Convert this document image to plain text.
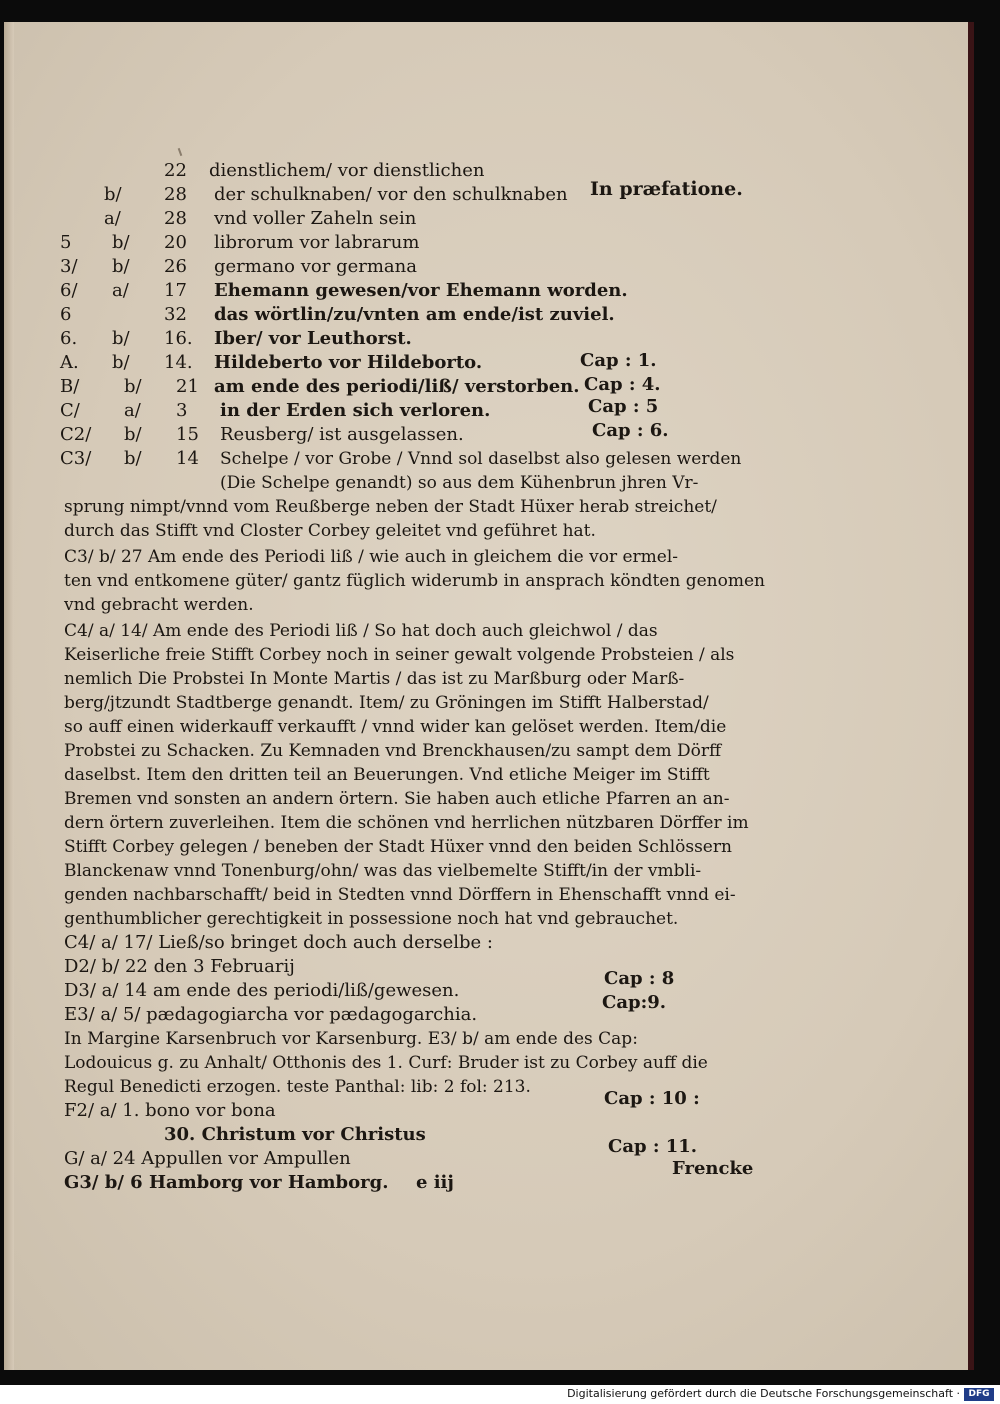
22 dienstlichem/ vor dienstlichen
b/ 28 der schulknaben/ vor den schulknaben In præfatione.
a/ 28 vnd voller Zaheln sein
5 b/ 20 librorum vor labrarum
3/ b/ 26 germano vor germana
6/ a/ 17 Ehemann gewesen/vor Ehemann worden.
6	32 das wörtlin/zu/vnten am ende/ist zuviel.
6. b/ 16. Iber/ vor Leuthorst.
A. b/ 14. Hildeberto vor Hildeborto.	Cap : 1.
B/ b/ 21 am ende des periodi/liß/ verstorben. Cap : 4.
C/ a/ 3 in der Erden sich verloren.	Cap : 5
C2/ b/ 15 Reusberg/ ist ausgelassen.	Cap : 6.
C3/ b/ 14 Schelpe / vor Grobe / Vnnd sol daselbst also gelesen werden
(Die Schelpe genandt) so aus dem Kühenbrun jhren Vr-
sprung nimpt/vnnd vom Reußberge neben der Stadt Hüxer herab streichet/
durch das Stifft vnd Closter Corbey geleitet vnd geführet hat.
C3/ b/ 27 Am ende des Periodi liß / wie auch in gleichem die vor ermel-
ten vnd entkomene güter/ gantz füglich widerumb in ansprach köndten genomen
vnd gebracht werden.
C4/ a/ 14/ Am ende des Periodi liß / So hat doch auch gleichwol / das
Keiserliche freie Stifft Corbey noch in seiner gewalt volgende Probsteien / als
nemlich Die Probstei In Monte Martis / das ist zu Marßburg oder Marß-
berg/jtzundt Stadtberge genandt. Item/ zu Gröningen im Stifft Halberstad/
so auff einen widerkauff verkaufft / vnnd wider kan gelöset werden. Item/die
Probstei zu Schacken. Zu Kemnaden vnd Brenckhausen/zu sampt dem Dörff
daselbst. Item den dritten teil an Beuerungen. Vnd etliche Meiger im Stifft
Bremen vnd sonsten an andern örtern. Sie haben auch etliche Pfarren an an-
dern örtern zuverleihen. Item die schönen vnd herrlichen nützbaren Dörffer im
Stifft Corbey gelegen / beneben der Stadt Hüxer vnnd den beiden Schlössern
Blanckenaw vnnd Tonenburg/ohn/ was das vielbemelte Stifft/in der vmbli-
genden nachbarschafft/ beid in Stedten vnnd Dörffern in Ehenschafft vnnd ei-
genthumblicher gerechtigkeit in possessione noch hat vnd gebrauchet.
C4/ a/ 17/ Ließ/so bringet doch auch derselbe :
D2/ b/ 22 den 3 Februarij
D3/ a/ 14 am ende des periodi/liß/gewesen.
Cap : 8
E3/ a/ 5/ pædagogiarcha vor pædagogarchia.
Cap:9.
In Margine Karsenbruch vor Karsenburg. E3/ b/ am ende des Cap:
Lodouicus g. zu Anhalt/ Otthonis des 1. Curf: Bruder ist zu Corbey auff die
Regul Benedicti erzogen. teste Panthal: lib: 2 fol: 213.
F2/ a/ 1. bono vor bona
Cap : 10 :
30. Christum vor Christus
G/ a/ 24 Appullen vor Ampullen
Cap : 11.
G3/ b/ 6 Hamborg vor Hamborg. e iij
Frencke
Digitalisierung gefördert durch die Deutsche Forschungsgemeinschaft · DFG
